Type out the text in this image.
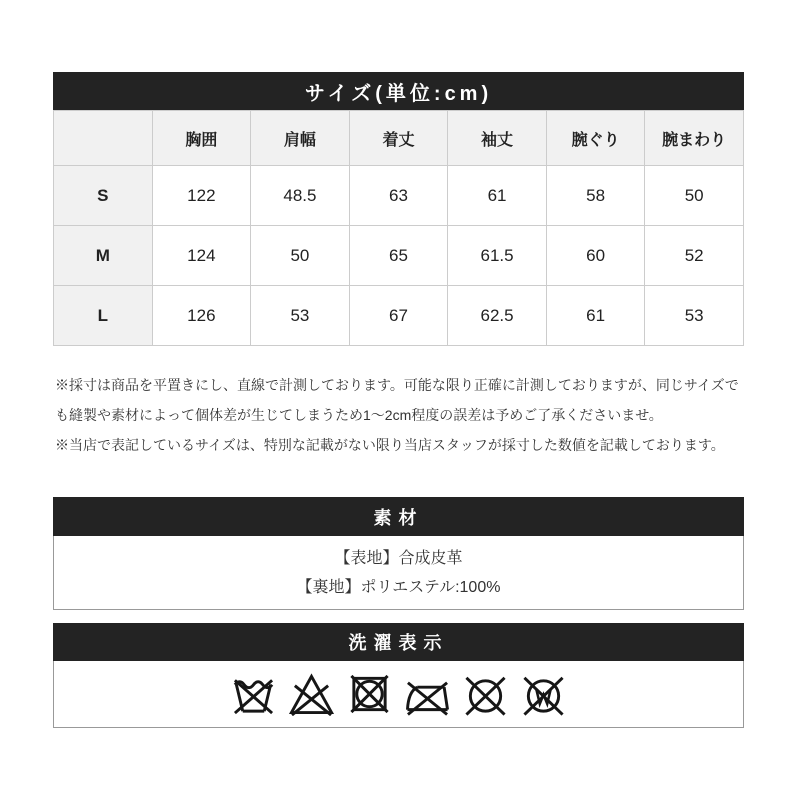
サイズ(単位:cm)
	胸囲	肩幅	着丈	袖丈	腕ぐり	腕まわり
S	122	48.5	63	61	58	50
M	124	50	65	61.5	60	52
L	126	53	67	62.5	61	53

※採寸は商品を平置きにし、直線で計測しております。可能な限り正確に計測しておりますが、同じサイズで
も縫製や素材によって個体差が生じてしまうため1～2cm程度の誤差は予めご了承くださいませ。

※当店で表記しているサイズは、特別な記載がない限り当店スタッフが採寸した数値を記載しております。

素材

【表地】合成皮革

【裏地】ポリエステル:100%

洗濯表示
